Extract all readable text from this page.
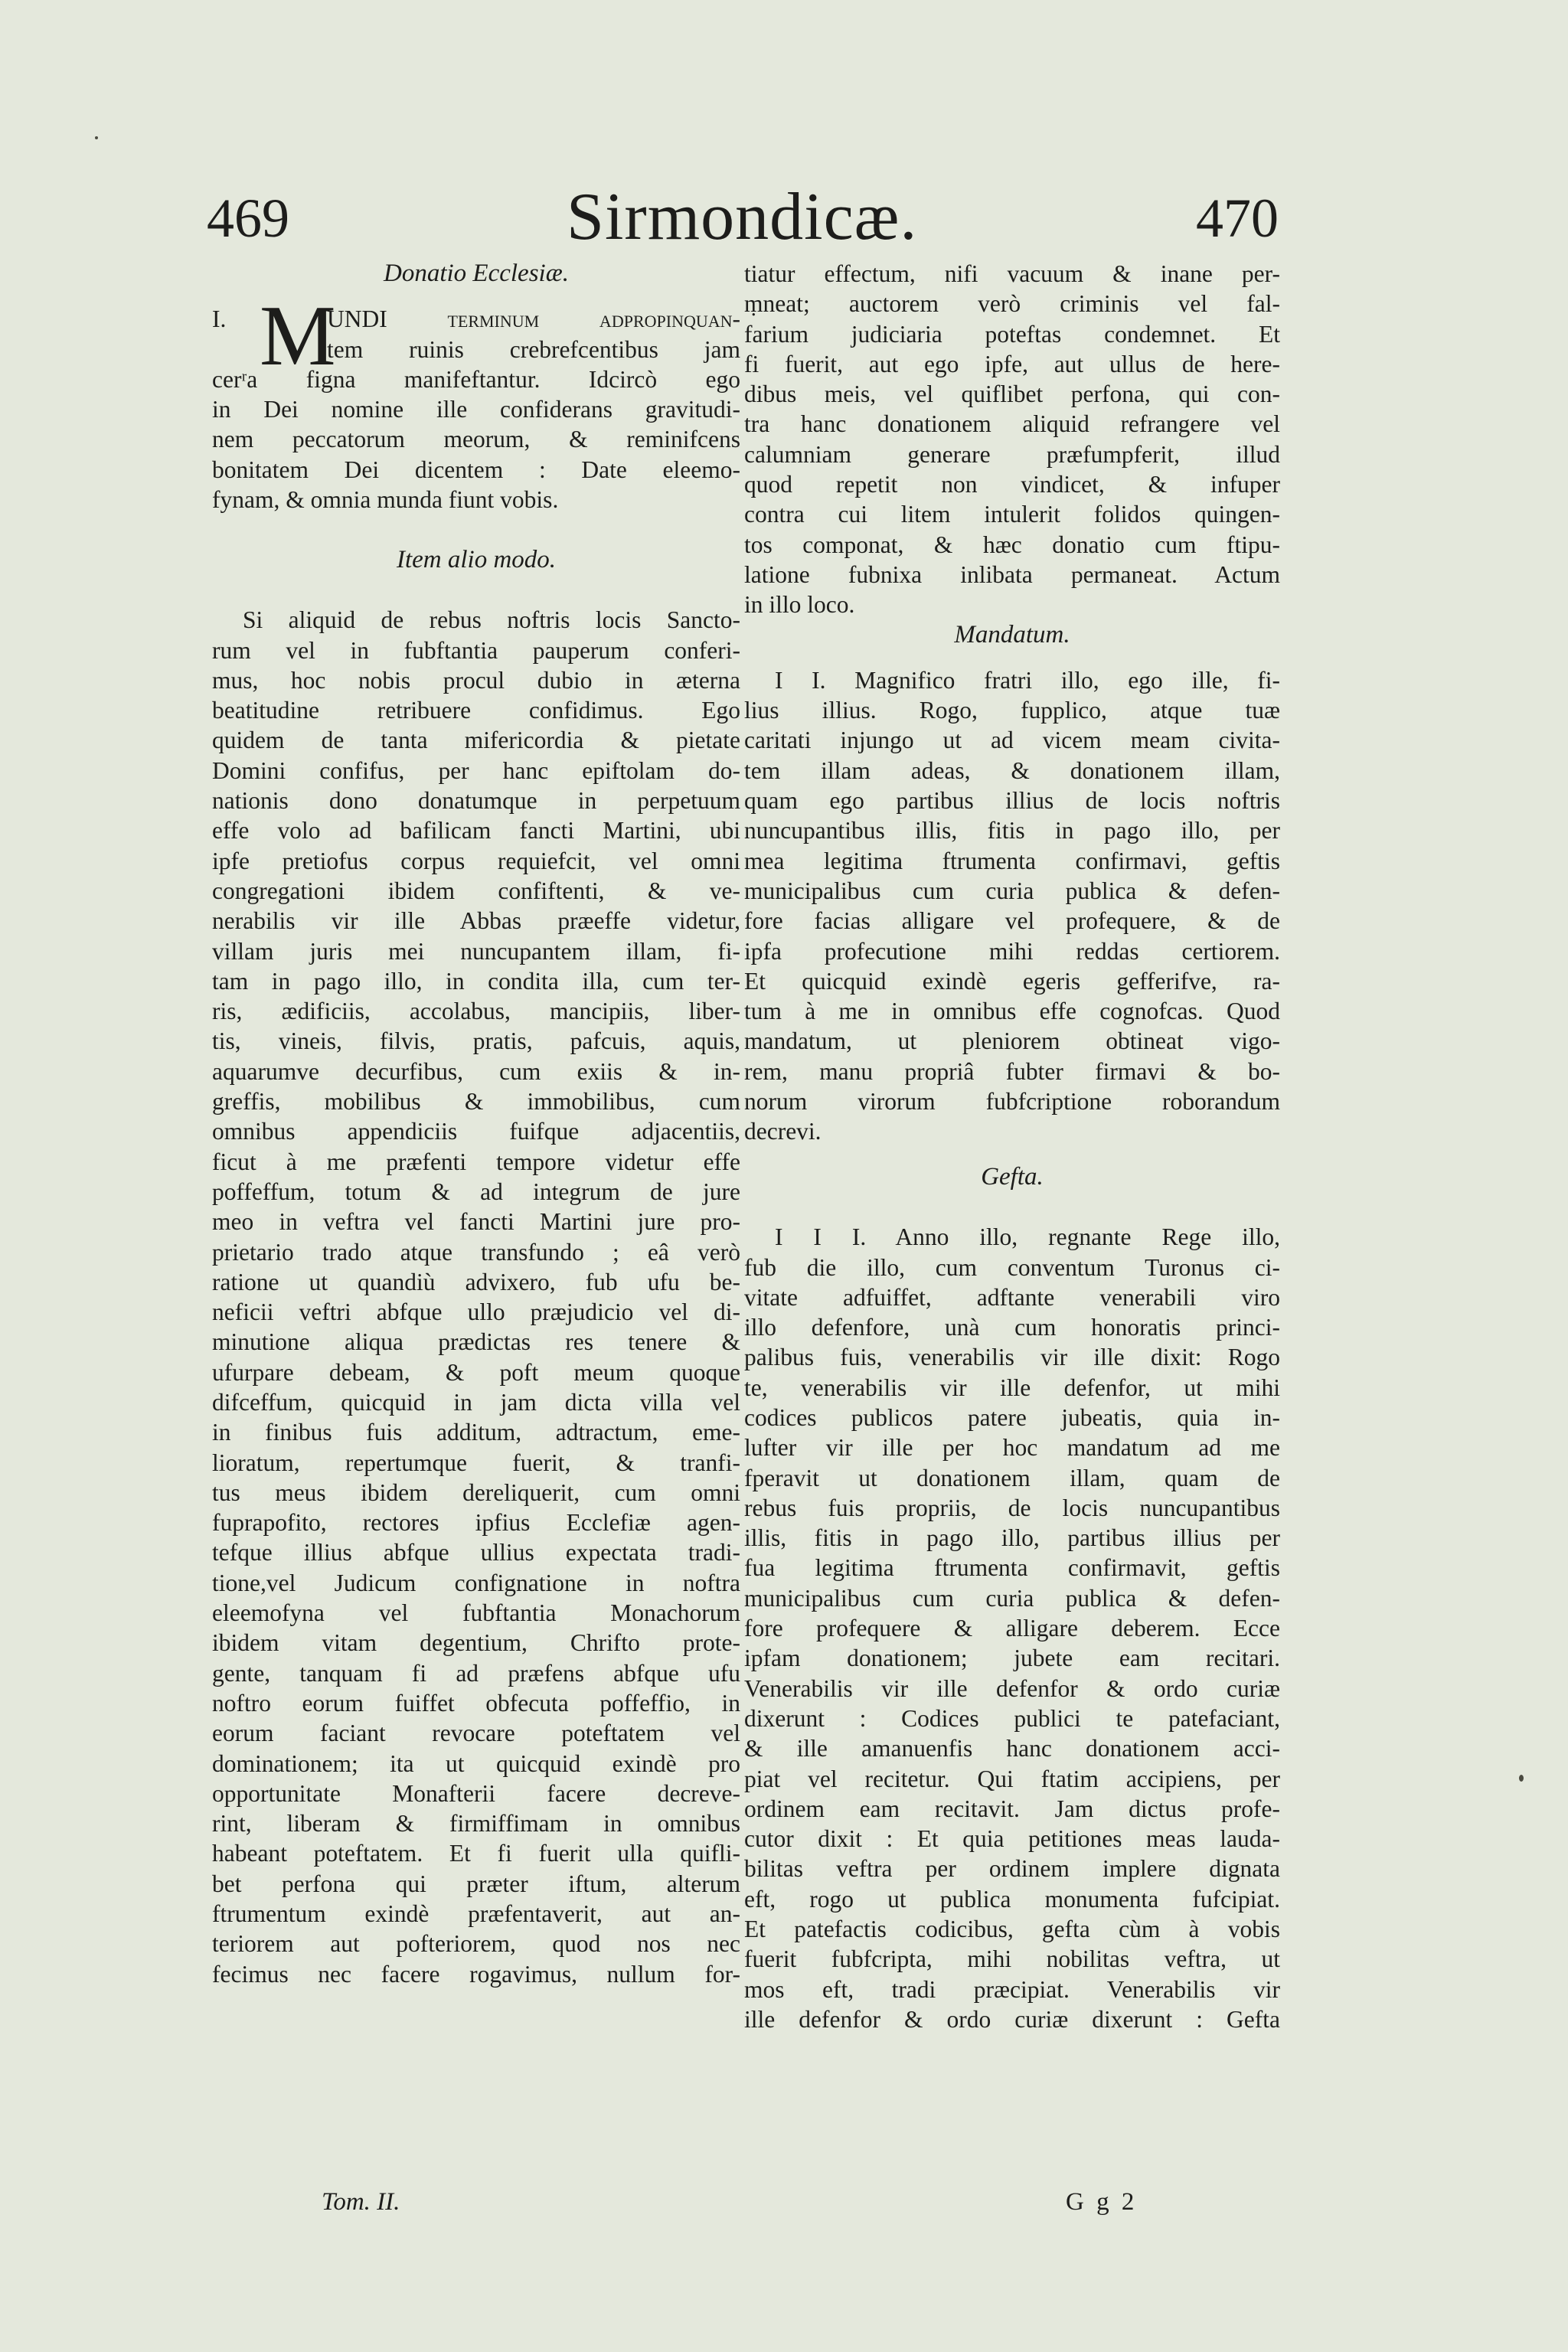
469	Sirmondicæ.	470
Donatio Ecclesiæ.
I. M
UNDI terminum adpropinquan-
tem ruinis crebrefcentibus jam
cerʳa figna manifeftantur. Idcircò ego
in Dei nomine ille confiderans gravitudi-
nem peccatorum meorum, & reminifcens
bonitatem Dei dicentem : Date eleemo-
fynam, & omnia munda fiunt vobis.
Item alio modo.
Si aliquid de rebus noftris locis Sancto-
rum vel in fubftantia pauperum conferi-
mus, hoc nobis procul dubio in æterna
beatitudine retribuere confidimus. Ego
quidem de tanta mifericordia & pietate
Domini confifus, per hanc epiftolam do-
nationis dono donatumque in perpetuum
effe volo ad bafilicam fancti Martini, ubi
ipfe pretiofus corpus requiefcit, vel omni
congregationi ibidem confiftenti, & ve-
nerabilis vir ille Abbas præeffe videtur,
villam juris mei nuncupantem illam, fi-
tam in pago illo, in condita illa, cum ter-
ris, ædificiis, accolabus, mancipiis, liber-
tis, vineis, filvis, pratis, pafcuis, aquis,
aquarumve decurfibus, cum exiis & in-
greffis, mobilibus & immobilibus, cum
omnibus appendiciis fuifque adjacentiis,
ficut à me præfenti tempore videtur effe
poffeffum, totum & ad integrum de jure
meo in veftra vel fancti Martini jure pro-
prietario trado atque transfundo ; eâ verò
ratione ut quandiù advixero, fub ufu be-
neficii veftri abfque ullo præjudicio vel di-
minutione aliqua prædictas res tenere &
ufurpare debeam, & poft meum quoque
difceffum, quicquid in jam dicta villa vel
in finibus fuis additum, adtractum, eme-
lioratum, repertumque fuerit, & tranfi-
tus meus ibidem dereliquerit, cum omni
fuprapofito, rectores ipfius Ecclefiæ agen-
tefque illius abfque ullius expectata tradi-
tione,vel Judicum confignatione in noftra
eleemofyna vel fubftantia Monachorum
ibidem vitam degentium, Chrifto prote-
gente, tanquam fi ad præfens abfque ufu
noftro eorum fuiffet obfecuta poffeffio, in
eorum faciant revocare poteftatem vel
dominationem; ita ut quicquid exindè pro
opportunitate Monafterii facere decreve-
rint, liberam & firmiffimam in omnibus
habeant poteftatem. Et fi fuerit ulla quifli-
bet perfona qui præter iftum, alterum
ftrumentum exindè præfentaverit, aut an-
teriorem aut pofteriorem, quod nos nec
fecimus nec facere rogavimus, nullum for-
tiatur effectum, nifi vacuum & inane per-
ṃneat; auctorem verò criminis vel fal-
farium judiciaria poteftas condemnet. Et
fi fuerit, aut ego ipfe, aut ullus de here-
dibus meis, vel quiflibet perfona, qui con-
tra hanc donationem aliquid refrangere vel
calumniam generare præfumpferit, illud
quod repetit non vindicet, & infuper
contra cui litem intulerit folidos quingen-
tos componat, & hæc donatio cum ftipu-
latione fubnixa inlibata permaneat. Actum
in illo loco.
Mandatum.
I I. Magnifico fratri illo, ego ille, fi-
lius illius. Rogo, fupplico, atque tuæ
caritati injungo ut ad vicem meam civita-
tem illam adeas, & donationem illam,
quam ego partibus illius de locis noftris
nuncupantibus illis, fitis in pago illo, per
mea legitima ftrumenta confirmavi, geftis
municipalibus cum curia publica & defen-
fore facias alligare vel profequere, & de
ipfa profecutione mihi reddas certiorem.
Et quicquid exindè egeris gefferifve, ra-
tum à me in omnibus effe cognofcas. Quod
mandatum, ut pleniorem obtineat vigo-
rem, manu propriâ fubter firmavi & bo-
norum virorum fubfcriptione roborandum
decrevi.
Gefta.
I I I. Anno illo, regnante Rege illo,
fub die illo, cum conventum Turonus ci-
vitate adfuiffet, adftante venerabili viro
illo defenfore, unà cum honoratis princi-
palibus fuis, venerabilis vir ille dixit: Rogo
te, venerabilis vir ille defenfor, ut mihi
codices publicos patere jubeatis, quia in-
lufter vir ille per hoc mandatum ad me
fperavit ut donationem illam, quam de
rebus fuis propriis, de locis nuncupantibus
illis, fitis in pago illo, partibus illius per
fua legitima ftrumenta confirmavit, geftis
municipalibus cum curia publica & defen-
fore profequere & alligare deberem. Ecce
ipfam donationem; jubete eam recitari.
Venerabilis vir ille defenfor & ordo curiæ
dixerunt : Codices publici te patefaciant,
& ille amanuenfis hanc donationem acci-
piat vel recitetur. Qui ftatim accipiens, per
ordinem eam recitavit. Jam dictus profe-
cutor dixit : Et quia petitiones meas lauda-
bilitas veftra per ordinem implere dignata
eft, rogo ut publica monumenta fufcipiat.
Et patefactis codicibus, gefta cùm à vobis
fuerit fubfcripta, mihi nobilitas veftra, ut
mos eft, tradi præcipiat. Venerabilis vir
ille defenfor & ordo curiæ dixerunt : Gefta
Tom. II.	G g 2
